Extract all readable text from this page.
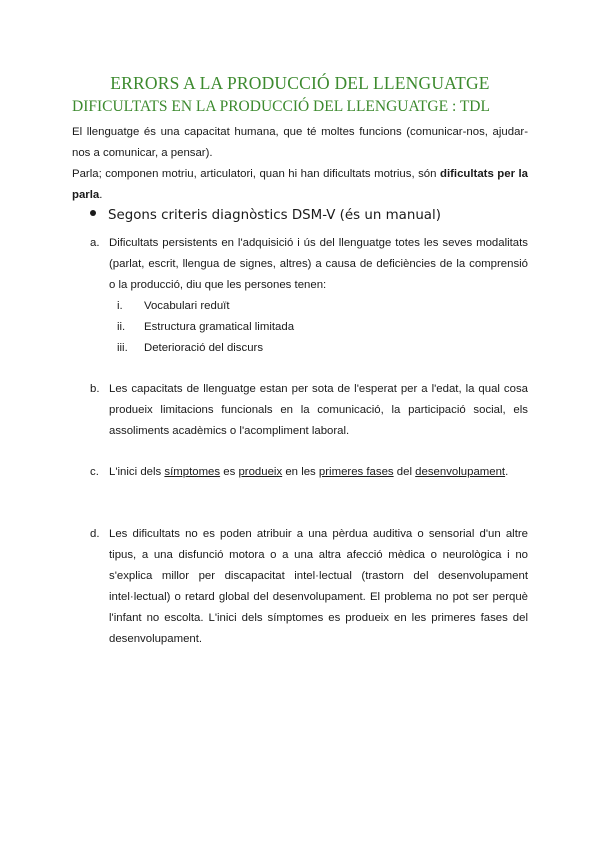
ERRORS A LA PRODUCCIÓ DEL LLENGUATGE
DIFICULTATS EN LA PRODUCCIÓ DEL LLENGUATGE : TDL

El llenguatge és una capacitat humana, que té moltes funcions (comunicar-nos, ajudar-nos a comunicar, a pensar).

Parla; componen motriu, articulatori, quan hi han dificultats motrius, són dificultats per la parla.

Segons criteris diagnòstics DSM-V (és un manual)
a. Dificultats persistents en l'adquisició i ús del llenguatge totes les seves modalitats (parlat, escrit, llengua de signes, altres) a causa de deficiències de la comprensió o la producció, diu que les persones tenen:

i.	Vocabulari reduït
ii.	Estructura gramatical limitada
iii.	Deterioració del discurs
b. Les capacitats de llenguatge estan per sota de l'esperat per a l'edat, la qual cosa produeix limitacions funcionals en la comunicació, la participació social, els assoliments acadèmics o l'acompliment laboral.

c. L'inici dels símptomes es produeix en les primeres fases del desenvolupament.

d. Les dificultats no es poden atribuir a una pèrdua auditiva o sensorial d'un altre tipus, a una disfunció motora o a una altra afecció mèdica o neurològica i no s'explica millor per discapacitat intel·lectual (trastorn del desenvolupament intel·lectual) o retard global del desenvolupament. El problema no pot ser perquè l'infant no escolta. L'inici dels símptomes es produeix en les primeres fases del desenvolupament.
